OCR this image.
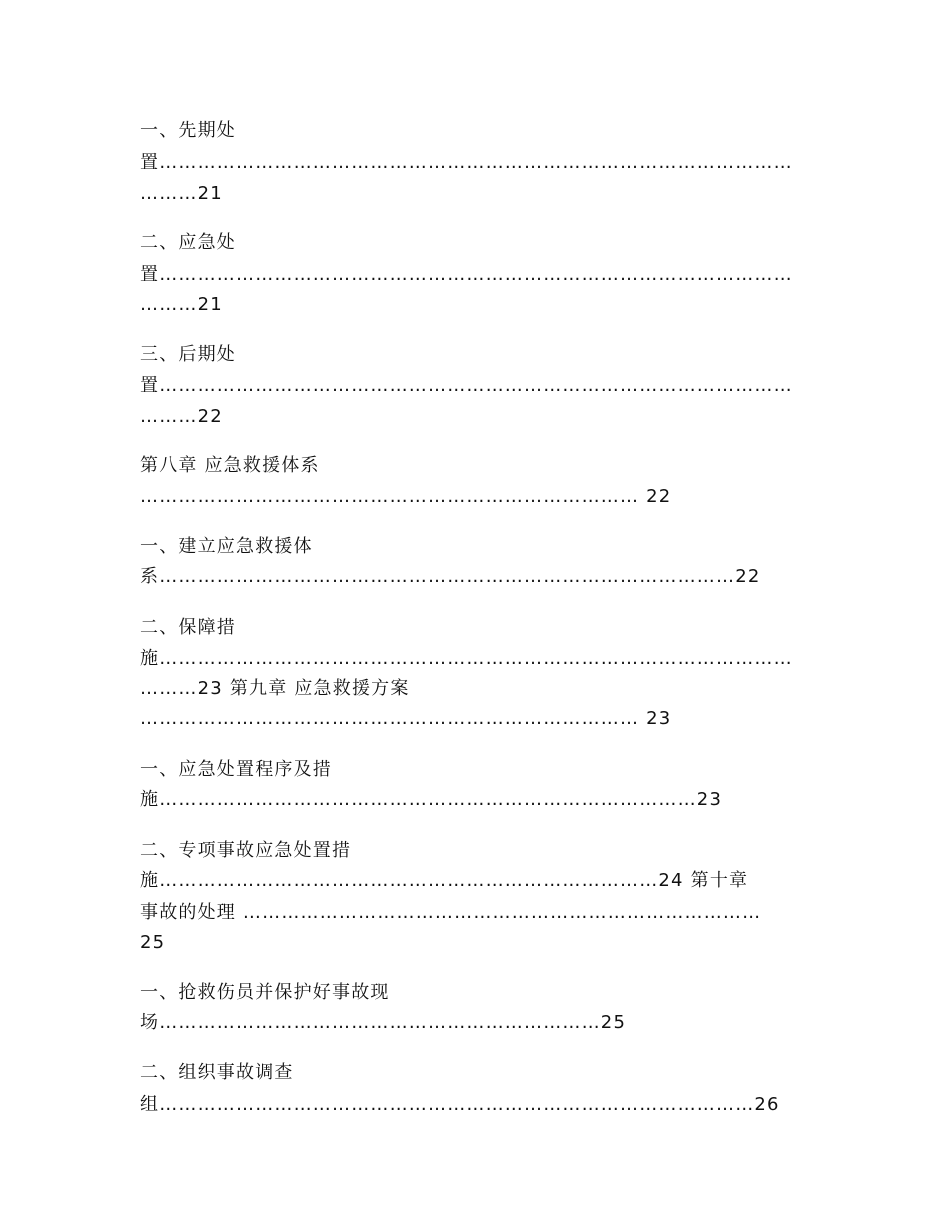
一、先期处
置………………………………………………………………………………………
………21
二、应急处
置………………………………………………………………………………………
………21
三、后期处
置………………………………………………………………………………………
………22
第八章 应急救援体系
…………………………………………………………………… 22
一、建立应急救援体
系………………………………………………………………………………22
二、保障措
施………………………………………………………………………………………
………23 第九章 应急救援方案
…………………………………………………………………… 23
一、应急处置程序及措
施…………………………………………………………………………23
二、专项事故应急处置措
施……………………………………………………………………24 第十章
事故的处理 ………………………………………………………………………
25
一、抢救伤员并保护好事故现
场……………………………………………………………25
二、组织事故调查
组…………………………………………………………………………………26
